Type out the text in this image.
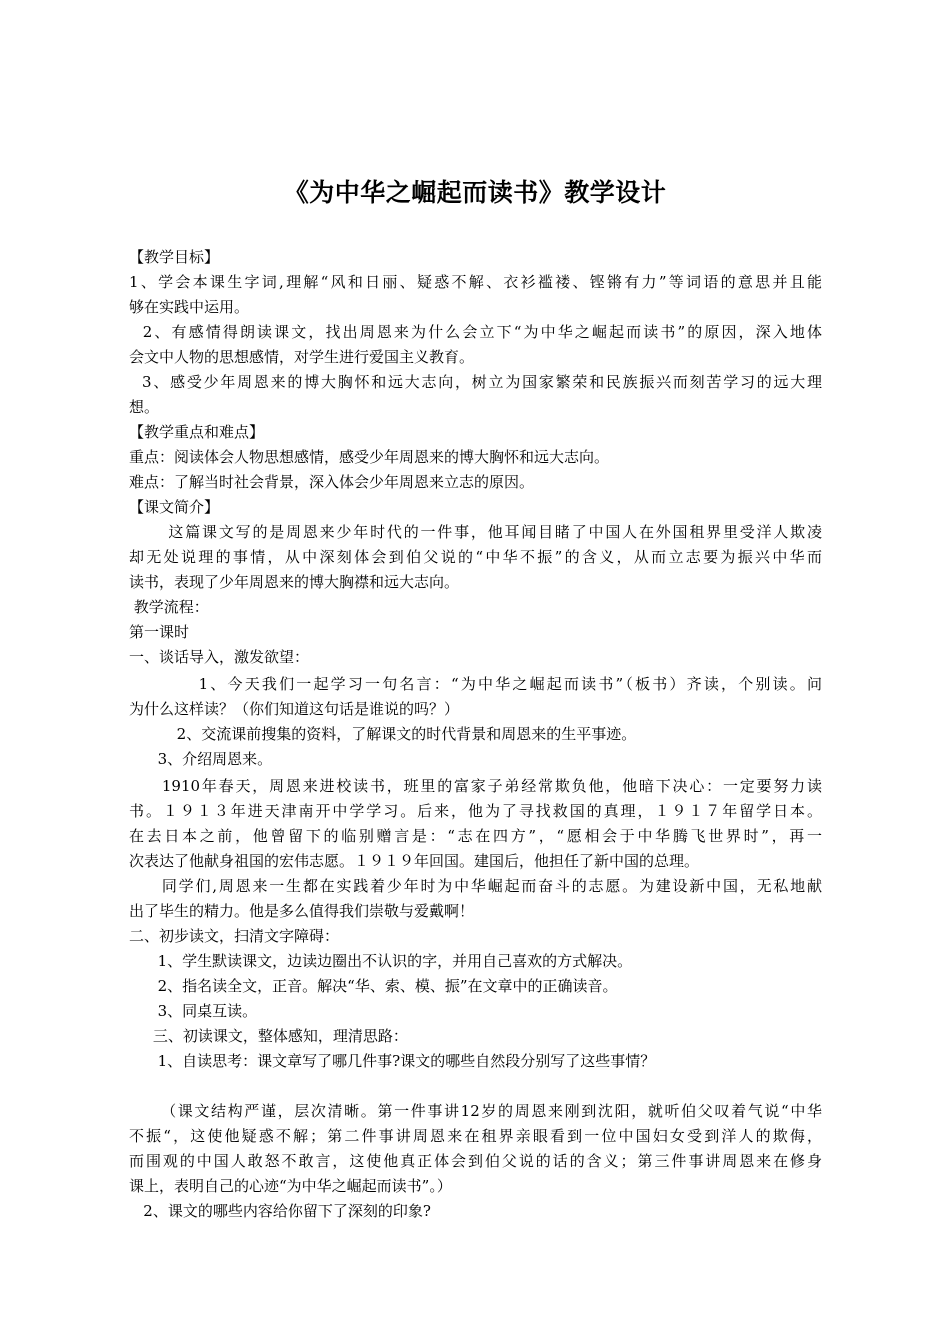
《为中华之崛起而读书》教学设计
【教学目标】
1、学会本课生字词,理解“风和日丽、疑惑不解、衣衫褴褛、铿锵有力”等词语的意思并且能
够在实践中运用。
2、有感情得朗读课文，找出周恩来为什么会立下“为中华之崛起而读书”的原因，深入地体
会文中人物的思想感情，对学生进行爱国主义教育。
3、感受少年周恩来的博大胸怀和远大志向，树立为国家繁荣和民族振兴而刻苦学习的远大理
想。
【教学重点和难点】
重点：阅读体会人物思想感情，感受少年周恩来的博大胸怀和远大志向。
难点：了解当时社会背景，深入体会少年周恩来立志的原因。
【课文简介】
这篇课文写的是周恩来少年时代的一件事，他耳闻目睹了中国人在外国租界里受洋人欺凌
却无处说理的事情，从中深刻体会到伯父说的“中华不振”的含义，从而立志要为振兴中华而
读书，表现了少年周恩来的博大胸襟和远大志向。
教学流程：
第一课时
一、谈话导入，激发欲望：
1、今天我们一起学习一句名言：“为中华之崛起而读书”（板书）齐读，个别读。问
为什么这样读？（你们知道这句话是谁说的吗？）
2、交流课前搜集的资料，了解课文的时代背景和周恩来的生平事迹。
3、介绍周恩来。
1910年春天，周恩来进校读书，班里的富家子弟经常欺负他，他暗下决心：一定要努力读
书。１９１３年进天津南开中学学习。后来，他为了寻找救国的真理，１９１７年留学日本。
在去日本之前，他曾留下的临别赠言是：“志在四方”，“愿相会于中华腾飞世界时”，再一
次表达了他献身祖国的宏伟志愿。１９１９年回国。建国后，他担任了新中国的总理。
同学们,周恩来一生都在实践着少年时为中华崛起而奋斗的志愿。为建设新中国，无私地献
出了毕生的精力。他是多么值得我们崇敬与爱戴啊！
二、初步读文，扫清文字障碍：
1、学生默读课文，边读边圈出不认识的字，并用自己喜欢的方式解决。
2、指名读全文，正音。解决“华、索、模、振”在文章中的正确读音。
3、同桌互读。
三、初读课文，整体感知，理清思路：
1、自读思考：课文章写了哪几件事?课文的哪些自然段分别写了这些事情？
（课文结构严谨，层次清晰。第一件事讲12岁的周恩来刚到沈阳，就听伯父叹着气说“中华
不振“，这使他疑惑不解；第二件事讲周恩来在租界亲眼看到一位中国妇女受到洋人的欺侮，
而围观的中国人敢怒不敢言，这使他真正体会到伯父说的话的含义；第三件事讲周恩来在修身
课上，表明自己的心迹“为中华之崛起而读书”。）
2、课文的哪些内容给你留下了深刻的印象?
